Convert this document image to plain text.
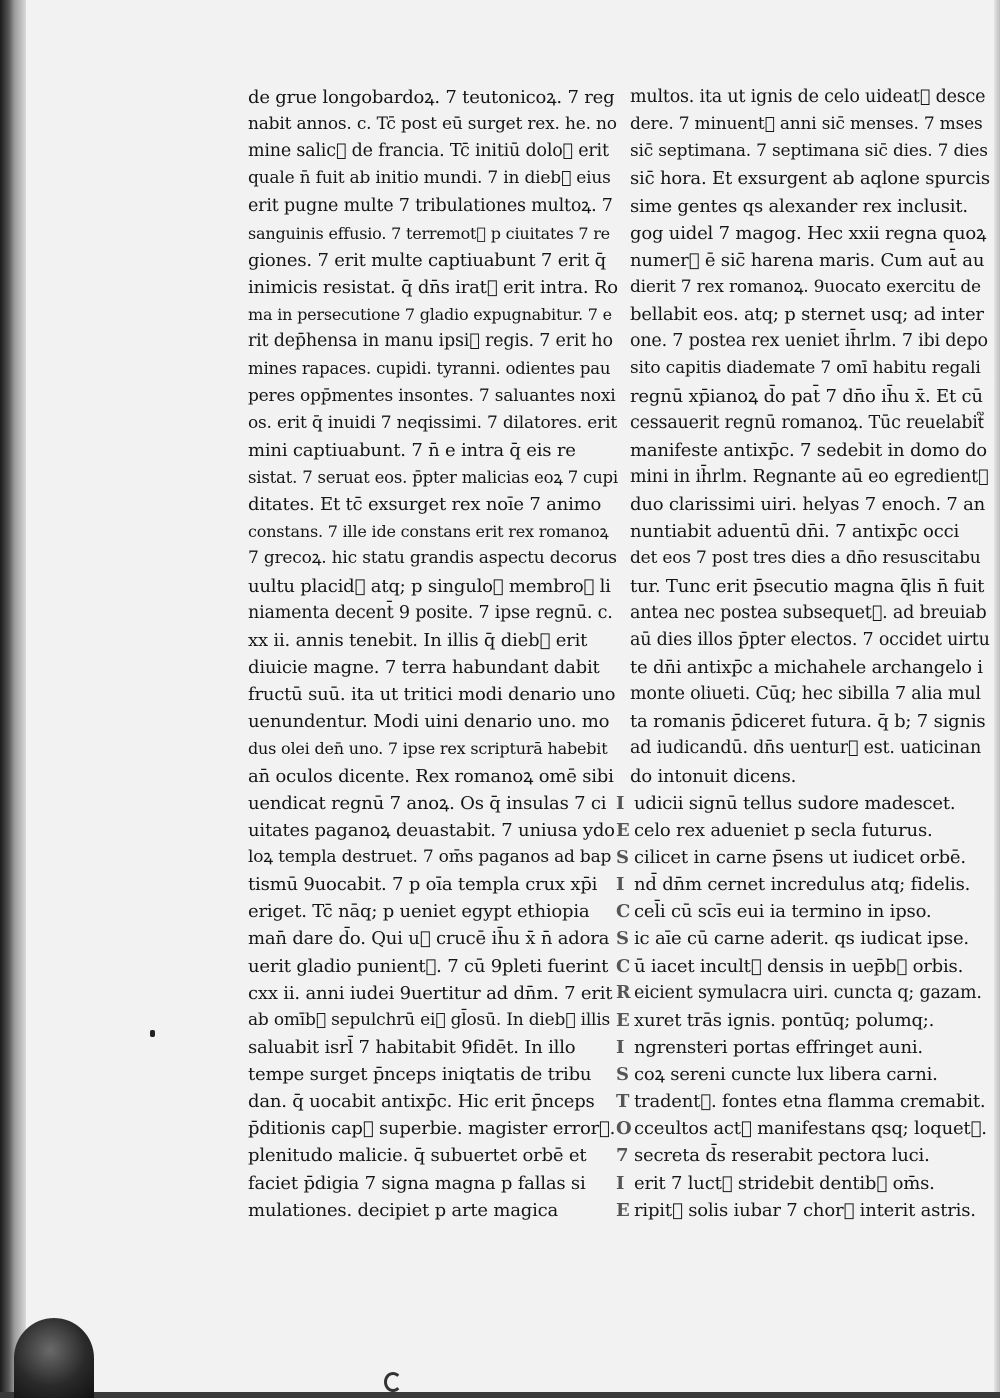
de grue longobardoꝝ. 7 teutonicoꝝ. 7 reg
nabit annos. c. Tc̄ post eū surget rex. he. no
mine salic᷑ de francia. Tc̄ initiū doloꝝ erit
quale n̄ fuit ab initio mundi. 7 in dieb᷑ eius
erit pugne multe 7 tribulationes multoꝝ. 7
sanguinis effusio. 7 terremot᷑ p ciuitates 7 re
giones. 7 erit multe captiuabunt 7 erit q̄
inimicis resistat. q̄ dn̄s irat᷑ erit intra. Ro
ma in persecutione 7 gladio expugnabitur. 7 e
rit dep̄hensa in manu ipsi᷑ regis. 7 erit ho
mines rapaces. cupidi. tyranni. odientes pau
peres opp̄mentes insontes. 7 saluantes noxi
os. erit q̄ inuidi 7 neqissimi. 7 dilatores. erit
mini captiuabunt. 7 n̄ e intra q̄ eis re
sistat. 7 seruat eos. p̄pter malicias eoꝝ 7 cupi
ditates. Et tc̄ exsurget rex noīe 7 animo
constans. 7 ille ide constans erit rex romanoꝝ
7 grecoꝝ. hic statu grandis aspectu decorus
uultu placid᷑ atq; p singuloꝝ membroꝝ li
niamenta decent̄ 9 posite. 7 ipse regnū. c.
xx ii. annis tenebit. In illis q̄ dieb᷑ erit
diuicie magne. 7 terra habundant dabit
fructū suū. ita ut tritici modi denario uno
uenundentur. Modi uini denario uno. mo
dus olei den̄ uno. 7 ipse rex scripturā habebit
an̄ oculos dicente. Rex romanoꝝ omē sibi
uendicat regnū 7 anoꝝ. Os q̄ insulas 7 ci
uitates paganoꝝ deuastabit. 7 uniusa ydo
loꝝ templa destruet. 7 om̄s paganos ad bap
tismū 9uocabit. 7 p oīa templa crux xp̄i
eriget. Tc̄ nāq; p ueniet egypt ethiopia
man̄ dare d̄o. Qui u᷑ crucē ih̄u x̄ n̄ adora
uerit gladio punient᷑. 7 cū 9pleti fuerint
cxx ii. anni iudei 9uertitur ad dn̄m. 7 erit
ab omīb᷑ sepulchrū ei᷑ gl̄osū. In dieb᷑ illis
saluabit isrl̄ 7 habitabit 9fidēt. In illo
tempe surget p̄nceps iniqtatis de tribu
dan. q̄ uocabit antixp̄c. Hic erit p̄nceps
p̄ditionis cap᷑ superbie. magister errorꝝ.
plenitudo malicie. q̄ subuertet orbē et
faciet p̄digia 7 signa magna p fallas si
mulationes. decipiet p arte magica
multos. ita ut ignis de celo uideat᷑ desce
dere. 7 minuent᷑ anni sic̄ menses. 7 mses
sic̄ septimana. 7 septimana sic̄ dies. 7 dies
sic̄ hora. Et exsurgent ab aqlone spurcis
sime gentes qs alexander rex inclusit.
gog uidel 7 magog. Hec xxii regna quoꝝ
numer᷑ ē sic̄ harena maris. Cum aut̄ au
dierit 7 rex romanoꝝ. 9uocato exercitu de
bellabit eos. atq; p sternet usq; ad inter
one. 7 postea rex ueniet ih̄rlm. 7 ibi depo
sito capitis diademate 7 omī habitu regali
regnū xp̄ianoꝝ d̄o pat̄ 7 dn̄o ih̄u x̄. Et cū
cessauerit regnū romanoꝝ. Tūc reuelabit᷑
manifeste antixp̄c. 7 sedebit in domo do
mini in ih̄rlm. Regnante aū eo egredient᷑
duo clarissimi uiri. helyas 7 enoch. 7 an
nuntiabit aduentū dn̄i. 7 antixp̄c occi
det eos 7 post tres dies a dn̄o resuscitabu
tur. Tunc erit p̄secutio magna q̄lis n̄ fuit
antea nec postea subsequet᷑. ad breuiab
aū dies illos p̄pter electos. 7 occidet uirtu
te dn̄i antixp̄c a michahele archangelo i
monte oliueti. Cūq; hec sibilla 7 alia mul
ta romanis p̄diceret futura. q̄ b; 7 signis
ad iudicandū. dn̄s uentur᷑ est. uaticinan
do intonuit dicens.
I udicii signū tellus sudore madescet.
E celo rex adueniet p secla futurus.
S cilicet in carne p̄sens ut iudicet orbē.
I nd̄ dn̄m cernet incredulus atq; fidelis.
C cel̄i cū scīs eui ia termino in ipso.
S ic aīe cū carne aderit. qs iudicat ipse.
C ū iacet incult᷑ densis in uep̄b᷑ orbis.
R eicient symulacra uiri. cuncta q; gazam.
E xuret trās ignis. pontūq; polumq;.
I ngrensteri portas effringet auni.
S coꝝ sereni cuncte lux libera carni.
T tradent᷑. fontes etna flamma cremabit.
O cceultos act᷑ manifestans qsq; loquet᷑.
7 secreta d̄s reserabit pectora luci.
I erit 7 luct᷑ stridebit dentib᷑ om̄s.
E ripit᷑ solis iubar 7 chor᷑ interit astris.
